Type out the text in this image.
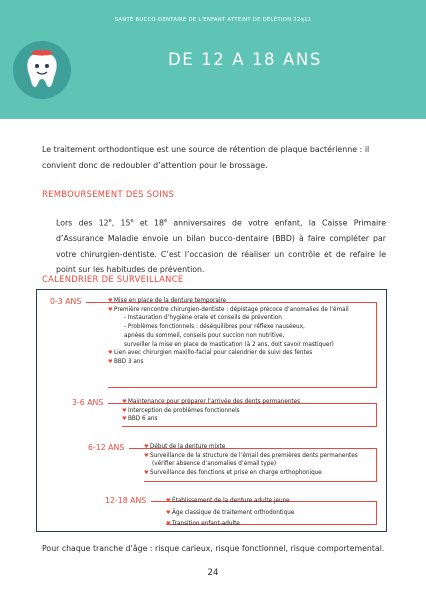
SANTÉ BUCCO-DENTAIRE DE L'ENFANT ATTEINT DE DÉLÉTION 22q11
DE 12 A 18 ANS
Le traitement orthodontique est une source de rétention de plaque bactérienne : il convient donc de redoubler d’attention pour le brossage.
REMBOURSEMENT DES SOINS
Lors des 12e, 15e et 18e anniversaires de votre enfant, la Caisse Primaire d’Assurance Maladie envoie un bilan bucco-dentaire (BBD) à faire compléter par votre chirurgien-dentiste. C’est l’occasion de réaliser un contrôle et de refaire le point sur les habitudes de prévention.
CALENDRIER DE SURVEILLANCE
0-3 ANS	♥ Mise en place de la denture temporaire
♥ Première rencontre chirurgien-dentiste : dépistage précoce d’anomalies de l’émail
- Instauration d’hygiène orale et conseils de prévention
- Problèmes fonctionnels : déséquilibres pour réflexe nauséeux,
apnées du sommeil, conseils pour succion non nutritive,
surveiller la mise en place de mastication (à 2 ans, doit savoir mastiquer)
♥ Lien avec chirurgien maxillo-facial pour calendrier de suivi des fentes
♥ BBD 3 ans
3-6 ANS	♥ Maintenance pour préparer l’arrivée des dents permanentes
♥ Interception de problèmes fonctionnels
♥ BBD 6 ans
6-12 ANS	♥ Début de la denture mixte
♥ Surveillance de la structure de l’émail des premières dents permanentes
(vérifier absence d’anomalies d’émail type)
♥ Surveillance des fonctions et prise en charge orthophonique
12-18 ANS	♥ Établissement de la denture adulte jeune
♥ Âge classique de traitement orthodontique
♥ Transition enfant-adulte
Pour chaque tranche d’âge : risque carieux, risque fonctionnel, risque comportemental.
24
